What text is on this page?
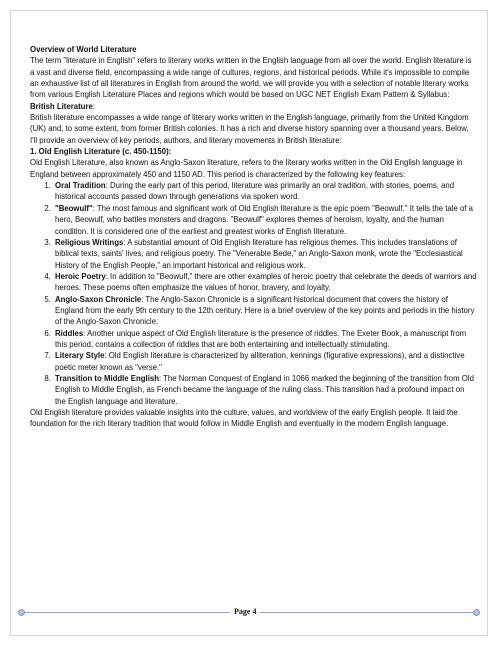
Overview of World Literature

The term "literature in English" refers to literary works written in the English language from all over the world. English literature is a vast and diverse field, encompassing a wide range of cultures, regions, and historical periods. While it's impossible to compile an exhaustive list of all literatures in English from around the world, we will provide you with a selection of notable literary works from various English Literature Places and regions which would be based on UGC NET English Exam Pattern & Syllabus:

British Literature:

British literature encompasses a wide range of literary works written in the English language, primarily from the United Kingdom (UK) and, to some extent, from former British colonies. It has a rich and diverse history spanning over a thousand years. Below, I'll provide an overview of key periods, authors, and literary movements in British literature:

1. Old English Literature (c. 450-1150):

Old English Literature, also known as Anglo-Saxon literature, refers to the literary works written in the Old English language in England between approximately 450 and 1150 AD. This period is characterized by the following key features:

1. Oral Tradition: During the early part of this period, literature was primarily an oral tradition, with stories, poems, and historical accounts passed down through generations via spoken word.
2. "Beowulf": The most famous and significant work of Old English literature is the epic poem "Beowulf." It tells the tale of a hero, Beowulf, who battles monsters and dragons. "Beowulf" explores themes of heroism, loyalty, and the human condition. It is considered one of the earliest and greatest works of English literature.
3. Religious Writings: A substantial amount of Old English literature has religious themes. This includes translations of biblical texts, saints' lives, and religious poetry. The "Venerable Bede," an Anglo-Saxon monk, wrote the "Ecclesiastical History of the English People," an important historical and religious work.
4. Heroic Poetry: In addition to "Beowulf," there are other examples of heroic poetry that celebrate the deeds of warriors and heroes. These poems often emphasize the values of honor, bravery, and loyalty.
5. Anglo-Saxon Chronicle: The Anglo-Saxon Chronicle is a significant historical document that covers the history of England from the early 9th century to the 12th century. Here is a brief overview of the key points and periods in the history of the Anglo-Saxon Chronicle:
6. Riddles: Another unique aspect of Old English literature is the presence of riddles. The Exeter Book, a manuscript from this period, contains a collection of riddles that are both entertaining and intellectually stimulating.
7. Literary Style: Old English literature is characterized by alliteration, kennings (figurative expressions), and a distinctive poetic meter known as "verse."
8. Transition to Middle English: The Norman Conquest of England in 1066 marked the beginning of the transition from Old English to Middle English, as French became the language of the ruling class. This transition had a profound impact on the English language and literature.

Old English literature provides valuable insights into the culture, values, and worldview of the early English people. It laid the foundation for the rich literary tradition that would follow in Middle English and eventually in the modern English language.

Page 4
